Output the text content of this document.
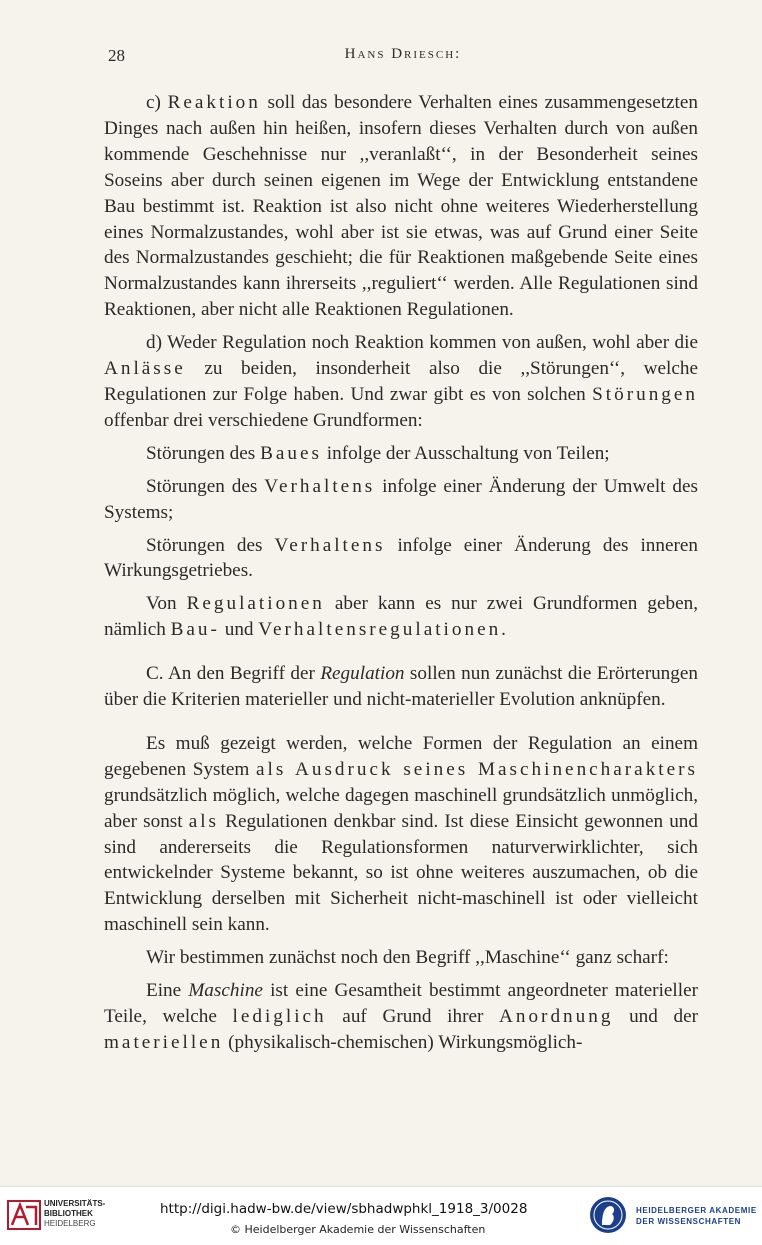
28	Hans Driesch:

c) Reaktion soll das besondere Verhalten eines zusammengesetzten Dinges nach außen hin heißen, insofern dieses Verhalten durch von außen kommende Geschehnisse nur ,,veranlaßt‘‘, in der Besonderheit seines Soseins aber durch seinen eigenen im Wege der Entwicklung entstandene Bau bestimmt ist. Reaktion ist also nicht ohne weiteres Wiederherstellung eines Normalzustandes, wohl aber ist sie etwas, was auf Grund einer Seite des Normalzustandes geschieht; die für Reaktionen maßgebende Seite eines Normalzustandes kann ihrerseits ,,reguliert‘‘ werden. Alle Regulationen sind Reaktionen, aber nicht alle Reaktionen Regulationen.

d) Weder Regulation noch Reaktion kommen von außen, wohl aber die Anlässe zu beiden, insonderheit also die ,,Störungen‘‘, welche Regulationen zur Folge haben. Und zwar gibt es von solchen Störungen offenbar drei verschiedene Grundformen:

Störungen des Baues infolge der Ausschaltung von Teilen;

Störungen des Verhaltens infolge einer Änderung der Umwelt des Systems;

Störungen des Verhaltens infolge einer Änderung des inneren Wirkungsgetriebes.

Von Regulationen aber kann es nur zwei Grundformen geben, nämlich Bau- und Verhaltensregulationen.

C. An den Begriff der Regulation sollen nun zunächst die Erörterungen über die Kriterien materieller und nicht-materieller Evolution anknüpfen.

Es muß gezeigt werden, welche Formen der Regulation an einem gegebenen System als Ausdruck seines Maschinencharakters grundsätzlich möglich, welche dagegen maschinell grundsätzlich unmöglich, aber sonst als Regulationen denkbar sind. Ist diese Einsicht gewonnen und sind andererseits die Regulationsformen naturverwirklichter, sich entwickelnder Systeme bekannt, so ist ohne weiteres auszumachen, ob die Entwicklung derselben mit Sicherheit nicht-maschinell ist oder vielleicht maschinell sein kann.

Wir bestimmen zunächst noch den Begriff ,,Maschine‘‘ ganz scharf:

Eine Maschine ist eine Gesamtheit bestimmt angeordneter materieller Teile, welche lediglich auf Grund ihrer Anordnung und der materiellen (physikalisch-chemischen) Wirkungsmöglich-

UNIVERSITÄTS-
BIBLIOTHEK
HEIDELBERG
http://digi.hadw-bw.de/view/sbhadwphkl_1918_3/0028
© Heidelberger Akademie der Wissenschaften
HEIDELBERGER AKADEMIE
DER WISSENSCHAFTEN
